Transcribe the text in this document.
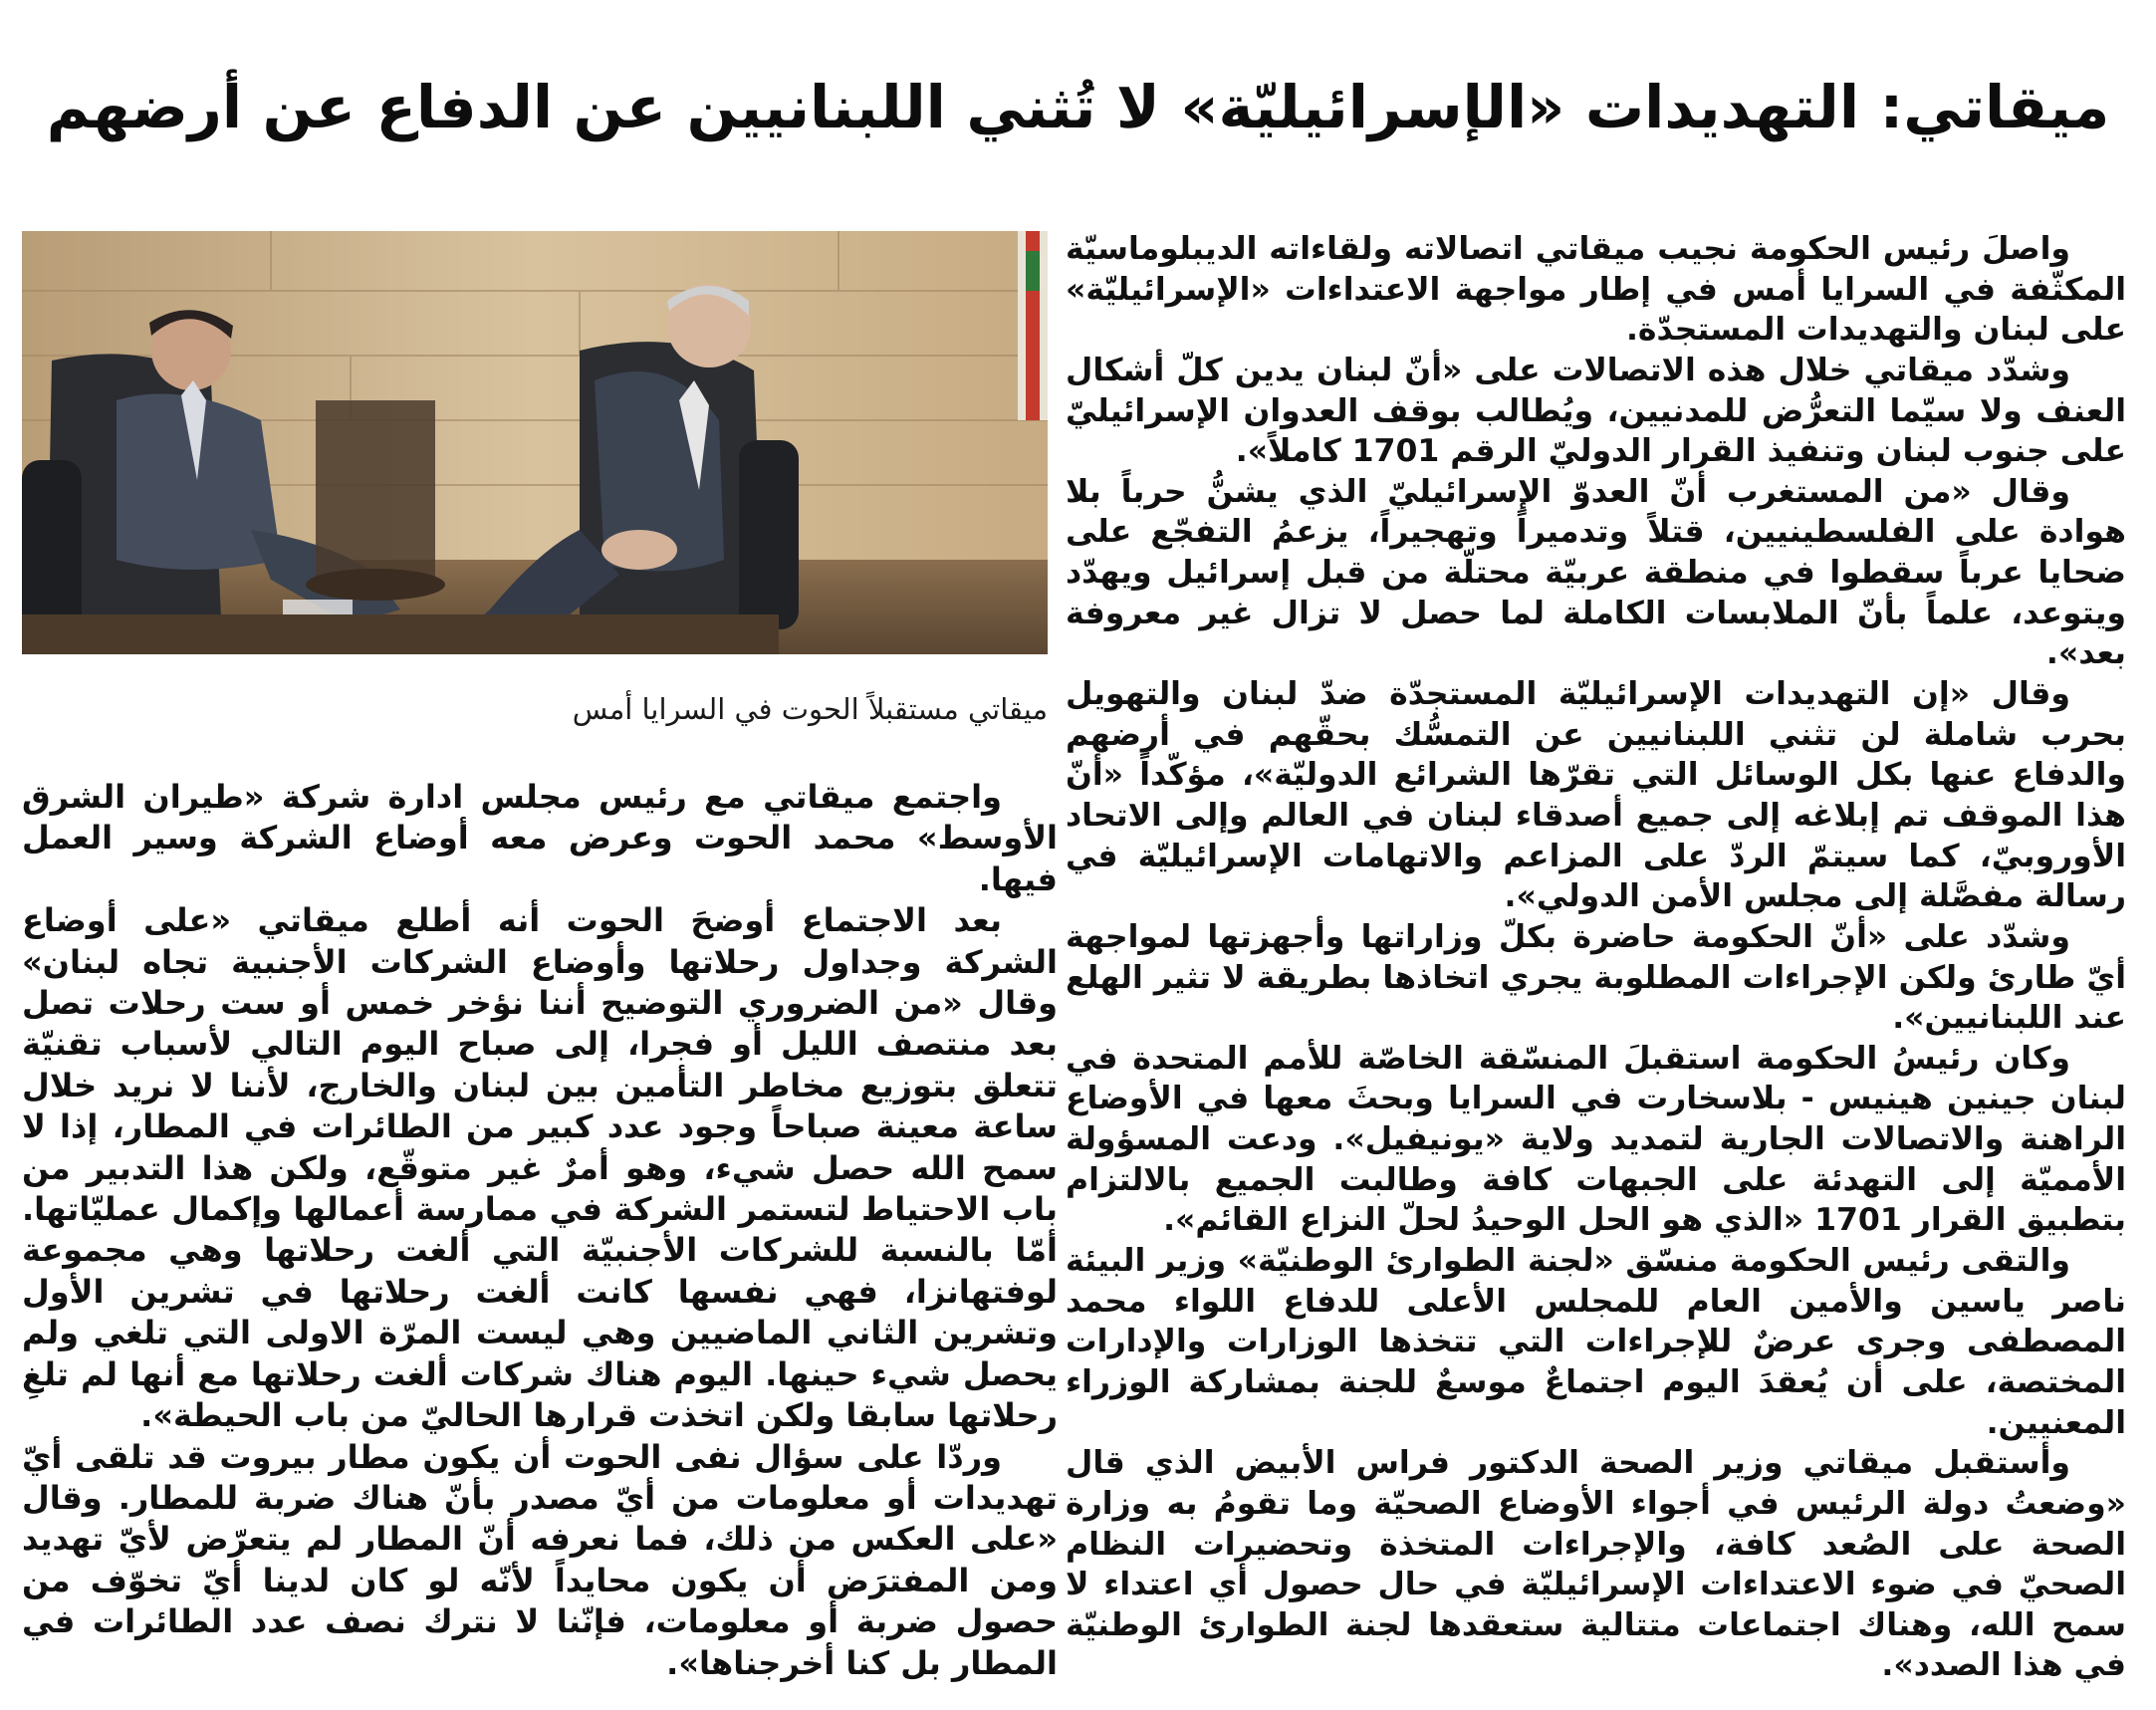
ميقاتي: التهديدات «الإسرائيليّة» لا تُثني اللبنانيين عن الدفاع عن أرضهم

واصلَ رئيس الحكومة نجيب ميقاتي اتصالاته ولقاءاته الديبلوماسيّة المكثّفة في السرايا أمس في إطار مواجهة الاعتداءات «الإسرائيليّة» على لبنان والتهديدات المستجدّة.

وشدّد ميقاتي خلال هذه الاتصالات على «أنّ لبنان يدين كلّ أشكال العنف ولا سيّما التعرُّض للمدنيين، ويُطالب بوقف العدوان الإسرائيليّ على جنوب لبنان وتنفيذ القرار الدوليّ الرقم 1701 كاملاً».

وقال «من المستغرب أنّ العدوّ الإسرائيليّ الذي يشنُّ حرباً بلا هوادة على الفلسطينيين، قتلاً وتدميراً وتهجيراً، يزعمُ التفجّع على ضحايا عرباً سقطوا في منطقة عربيّة محتلّة من قبل إسرائيل ويهدّد ويتوعد، علماً بأنّ الملابسات الكاملة لما حصل لا تزال غير معروفة بعد».

وقال «إن التهديدات الإسرائيليّة المستجدّة ضدّ لبنان والتهويل بحرب شاملة لن تثني اللبنانيين عن التمسُّك بحقّهم في أرضهم والدفاع عنها بكل الوسائل التي تقرّها الشرائع الدوليّة»، مؤكّداً «أنّ هذا الموقف تم إبلاغه إلى جميع أصدقاء لبنان في العالم وإلى الاتحاد الأوروبيّ، كما سيتمّ الردّ على المزاعم والاتهامات الإسرائيليّة في رسالة مفصَّلة إلى مجلس الأمن الدولي».

وشدّد على «أنّ الحكومة حاضرة بكلّ وزاراتها وأجهزتها لمواجهة أيّ طارئ ولكن الإجراءات المطلوبة يجري اتخاذها بطريقة لا تثير الهلع عند اللبنانيين».

وكان رئيسُ الحكومة استقبلَ المنسّقة الخاصّة للأمم المتحدة في لبنان جينين هينيس - بلاسخارت في السرايا وبحثَ معها في الأوضاع الراهنة والاتصالات الجارية لتمديد ولاية «يونيفيل». ودعت المسؤولة الأمميّة إلى التهدئة على الجبهات كافة وطالبت الجميع بالالتزام بتطبيق القرار 1701 «الذي هو الحل الوحيدُ لحلّ النزاع القائم».

والتقى رئيس الحكومة منسّق «لجنة الطوارئ الوطنيّة» وزير البيئة ناصر ياسين والأمين العام للمجلس الأعلى للدفاع اللواء محمد المصطفى وجرى عرضٌ للإجراءات التي تتخذها الوزارات والإدارات المختصة، على أن يُعقدَ اليوم اجتماعٌ موسعٌ للجنة بمشاركة الوزراء المعنيين.

وأستقبل ميقاتي وزير الصحة الدكتور فراس الأبيض الذي قال «وضعتُ دولة الرئيس في أجواء الأوضاع الصحيّة وما تقومُ به وزارة الصحة على الصُعد كافة، والإجراءات المتخذة وتحضيرات النظام الصحيّ في ضوء الاعتداءات الإسرائيليّة في حال حصول أي اعتداء لا سمح الله، وهناك اجتماعات متتالية ستعقدها لجنة الطوارئ الوطنيّة في هذا الصدد».

ميقاتي مستقبلاً الحوت في السرايا أمس

واجتمع ميقاتي مع رئيس مجلس ادارة شركة «طيران الشرق الأوسط» محمد الحوت وعرض معه أوضاع الشركة وسير العمل فيها.

بعد الاجتماع أوضحَ الحوت أنه أطلع ميقاتي «على أوضاع الشركة وجداول رحلاتها وأوضاع الشركات الأجنبية تجاه لبنان» وقال «من الضروري التوضيح أننا نؤخر خمس أو ست رحلات تصل بعد منتصف الليل أو فجرا، إلى صباح اليوم التالي لأسباب تقنيّة تتعلق بتوزيع مخاطر التأمين بين لبنان والخارج، لأننا لا نريد خلال ساعة معينة صباحاً وجود عدد كبير من الطائرات في المطار، إذا لا سمح الله حصل شيء، وهو أمرٌ غير متوقّع، ولكن هذا التدبير من باب الاحتياط لتستمر الشركة في ممارسة أعمالها وإكمال عمليّاتها. أمّا بالنسبة للشركات الأجنبيّة التي ألغت رحلاتها وهي مجموعة لوفتهانزا، فهي نفسها كانت ألغت رحلاتها في تشرين الأول وتشرين الثاني الماضيين وهي ليست المرّة الاولى التي تلغي ولم يحصل شيء حينها. اليوم هناك شركات ألغت رحلاتها مع أنها لم تلغِ رحلاتها سابقا ولكن اتخذت قرارها الحاليّ من باب الحيطة».

وردّا على سؤال نفى الحوت أن يكون مطار بيروت قد تلقى أيّ تهديدات أو معلومات من أيّ مصدر بأنّ هناك ضربة للمطار. وقال «على العكس من ذلك، فما نعرفه أنّ المطار لم يتعرّض لأيّ تهديد ومن المفترَض أن يكون محايداً لأنّه لو كان لدينا أيّ تخوّف من حصول ضربة أو معلومات، فإنّنا لا نترك نصف عدد الطائرات في المطار بل كنا أخرجناها».
